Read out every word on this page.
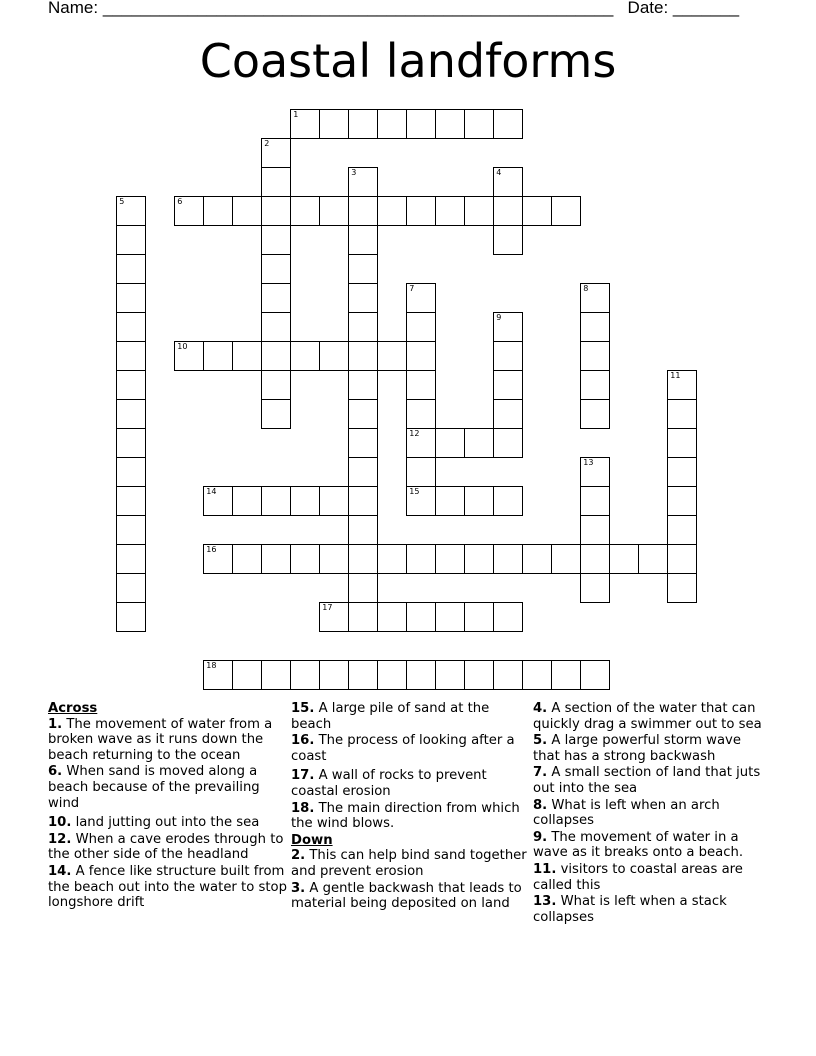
Name: ______________________________________________________ Date: _______
Coastal landforms
1
2
3	4
5	6
7
12
8
9
10
11
13
14	15
16
17
18
Across
1. The movement of water from a broken wave as it runs down the beach returning to the ocean
6. When sand is moved along a beach because of the prevailing wind
10. land jutting out into the sea
12. When a cave erodes through to the other side of the headland
14. A fence like structure built from the beach out into the water to stop longshore drift
15. A large pile of sand at the beach
16. The process of looking after a coast
17. A wall of rocks to prevent coastal erosion
18. The main direction from which the wind blows.
Down
2. This can help bind sand together and prevent erosion
3. A gentle backwash that leads to material being deposited on land
4. A section of the water that can quickly drag a swimmer out to sea
5. A large powerful storm wave that has a strong backwash
7. A small section of land that juts out into the sea
8. What is left when an arch collapses
9. The movement of water in a wave as it breaks onto a beach.
11. visitors to coastal areas are called this
13. What is left when a stack collapses
